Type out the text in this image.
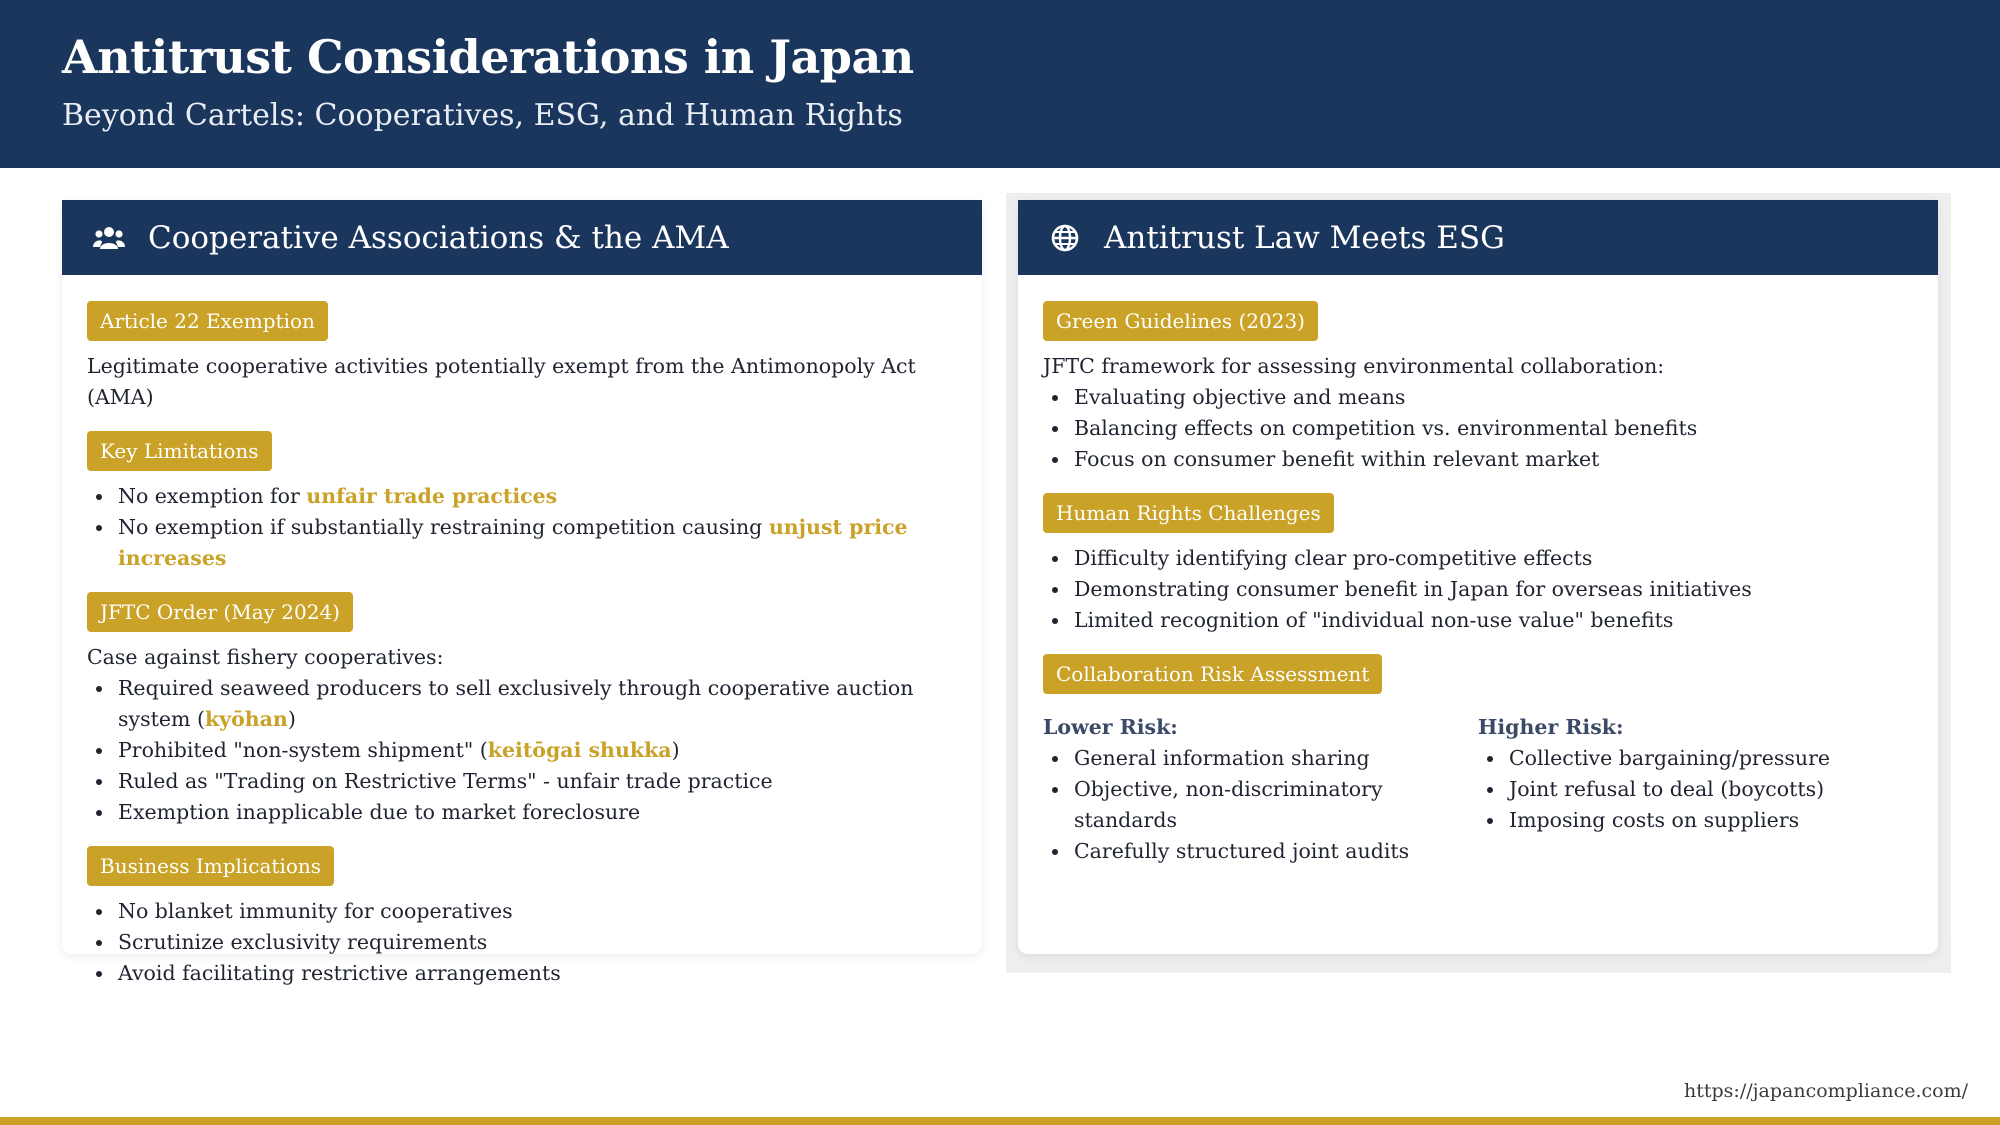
Antitrust Considerations in Japan
Beyond Cartels: Cooperatives, ESG, and Human Rights
Cooperative Associations & the AMA
Article 22 Exemption

Legitimate cooperative activities potentially exempt from the Antimonopoly Act (AMA)

Key Limitations
No exemption for unfair trade practices
No exemption if substantially restraining competition causing unjust price increases
JFTC Order (May 2024)

Case against fishery cooperatives:

Required seaweed producers to sell exclusively through cooperative auction system (kyōhan)
Prohibited "non-system shipment" (keitōgai shukka)
Ruled as "Trading on Restrictive Terms" - unfair trade practice
Exemption inapplicable due to market foreclosure
Business Implications
No blanket immunity for cooperatives
Scrutinize exclusivity requirements
Avoid facilitating restrictive arrangements
Antitrust Law Meets ESG
Green Guidelines (2023)

JFTC framework for assessing environmental collaboration:

Evaluating objective and means
Balancing effects on competition vs. environmental benefits
Focus on consumer benefit within relevant market
Human Rights Challenges
Difficulty identifying clear pro-competitive effects
Demonstrating consumer benefit in Japan for overseas initiatives
Limited recognition of "individual non-use value" benefits
Collaboration Risk Assessment

Lower Risk:

General information sharing
Objective, non-discriminatory standards
Carefully structured joint audits

Higher Risk:

Collective bargaining/pressure
Joint refusal to deal (boycotts)
Imposing costs on suppliers
https://japancompliance.com/
